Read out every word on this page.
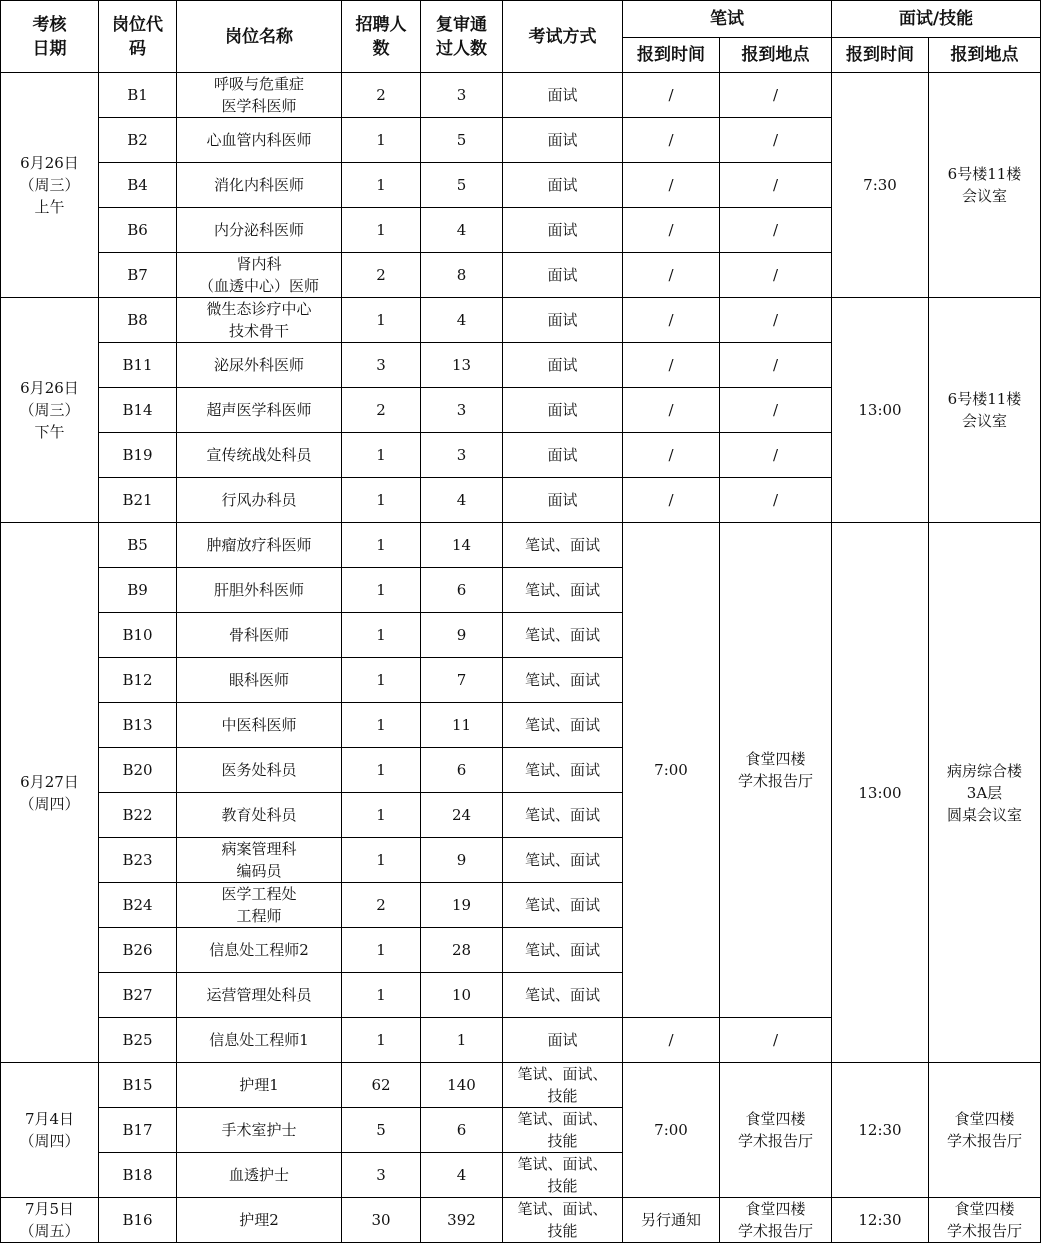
考核
日期	岗位代
码	岗位名称	招聘人
数	复审通
过人数	考试方式	笔试		面试/技能	
						报到时间	报到地点	报到时间	报到地点
6月26日
（周三）
上午	B1	呼吸与危重症
医学科医师	2	3	面试	/	/	7:30	6号楼11楼
会议室
	B2	心血管内科医师	1	5	面试	/	/		
	B4	消化内科医师	1	5	面试	/	/		
	B6	内分泌科医师	1	4	面试	/	/		
	B7	肾内科
（血透中心）医师	2	8	面试	/	/		
6月26日
（周三）
下午	B8	微生态诊疗中心
技术骨干	1	4	面试	/	/	13:00	6号楼11楼
会议室
	B11	泌尿外科医师	3	13	面试	/	/		
	B14	超声医学科医师	2	3	面试	/	/		
	B19	宣传统战处科员	1	3	面试	/	/		
	B21	行风办科员	1	4	面试	/	/		
6月27日
（周四）	B5	肿瘤放疗科医师	1	14	笔试、面试	7:00	食堂四楼
学术报告厅	13:00	病房综合楼
3A层
圆桌会议室
	B9	肝胆外科医师	1	6	笔试、面试				
	B10	骨科医师	1	9	笔试、面试				
	B12	眼科医师	1	7	笔试、面试				
	B13	中医科医师	1	11	笔试、面试				
	B20	医务处科员	1	6	笔试、面试				
	B22	教育处科员	1	24	笔试、面试				
	B23	病案管理科
编码员	1	9	笔试、面试				
	B24	医学工程处
工程师	2	19	笔试、面试				
	B26	信息处工程师2	1	28	笔试、面试				
	B27	运营管理处科员	1	10	笔试、面试				
	B25	信息处工程师1	1	1	面试	/	/		
7月4日
（周四）	B15	护理1	62	140	笔试、面试、
技能	7:00	食堂四楼
学术报告厅	12:30	食堂四楼
学术报告厅
	B17	手术室护士	5	6	笔试、面试、
技能				
	B18	血透护士	3	4	笔试、面试、
技能				
7月5日
（周五）	B16	护理2	30	392	笔试、面试、
技能	另行通知	食堂四楼
学术报告厅	12:30	食堂四楼
学术报告厅
